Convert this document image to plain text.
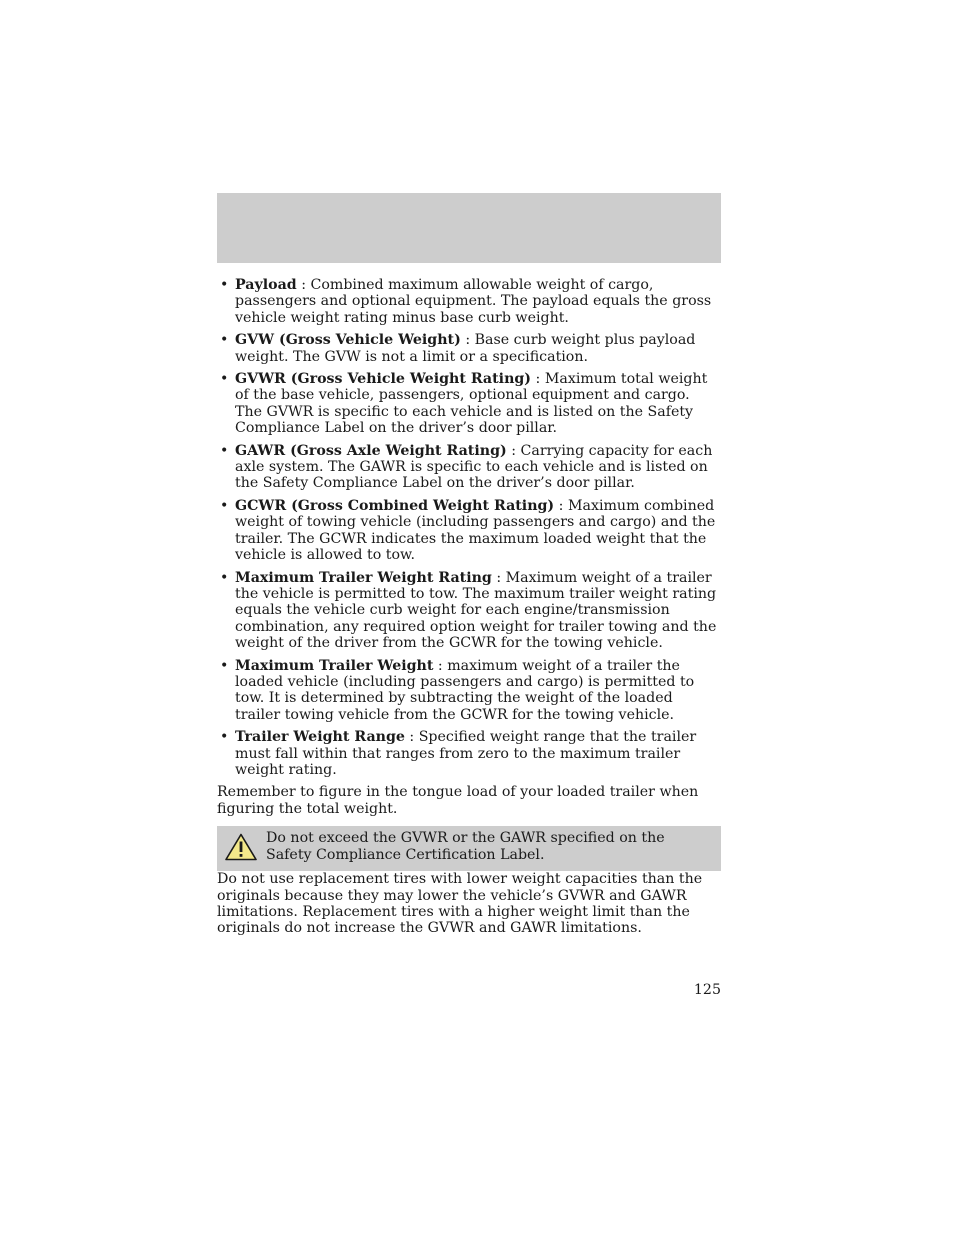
• Payload : Combined maximum allowable weight of cargo, passengers and optional equipment. The payload equals the gross vehicle weight rating minus base curb weight.
• GVW (Gross Vehicle Weight) : Base curb weight plus payload weight. The GVW is not a limit or a specification.
• GVWR (Gross Vehicle Weight Rating) : Maximum total weight of the base vehicle, passengers, optional equipment and cargo. The GVWR is specific to each vehicle and is listed on the Safety Compliance Label on the driver’s door pillar.
• GAWR (Gross Axle Weight Rating) : Carrying capacity for each axle system. The GAWR is specific to each vehicle and is listed on the Safety Compliance Label on the driver’s door pillar.
• GCWR (Gross Combined Weight Rating) : Maximum combined weight of towing vehicle (including passengers and cargo) and the trailer. The GCWR indicates the maximum loaded weight that the vehicle is allowed to tow.
• Maximum Trailer Weight Rating : Maximum weight of a trailer the vehicle is permitted to tow. The maximum trailer weight rating equals the vehicle curb weight for each engine/transmission combination, any required option weight for trailer towing and the weight of the driver from the GCWR for the towing vehicle.
• Maximum Trailer Weight : maximum weight of a trailer the loaded vehicle (including passengers and cargo) is permitted to tow. It is determined by subtracting the weight of the loaded trailer towing vehicle from the GCWR for the towing vehicle.
• Trailer Weight Range : Specified weight range that the trailer must fall within that ranges from zero to the maximum trailer weight rating.

Remember to figure in the tongue load of your loaded trailer when figuring the total weight.

Do not exceed the GVWR or the GAWR specified on the Safety Compliance Certification Label.

Do not use replacement tires with lower weight capacities than the originals because they may lower the vehicle’s GVWR and GAWR limitations. Replacement tires with a higher weight limit than the originals do not increase the GVWR and GAWR limitations.

125
